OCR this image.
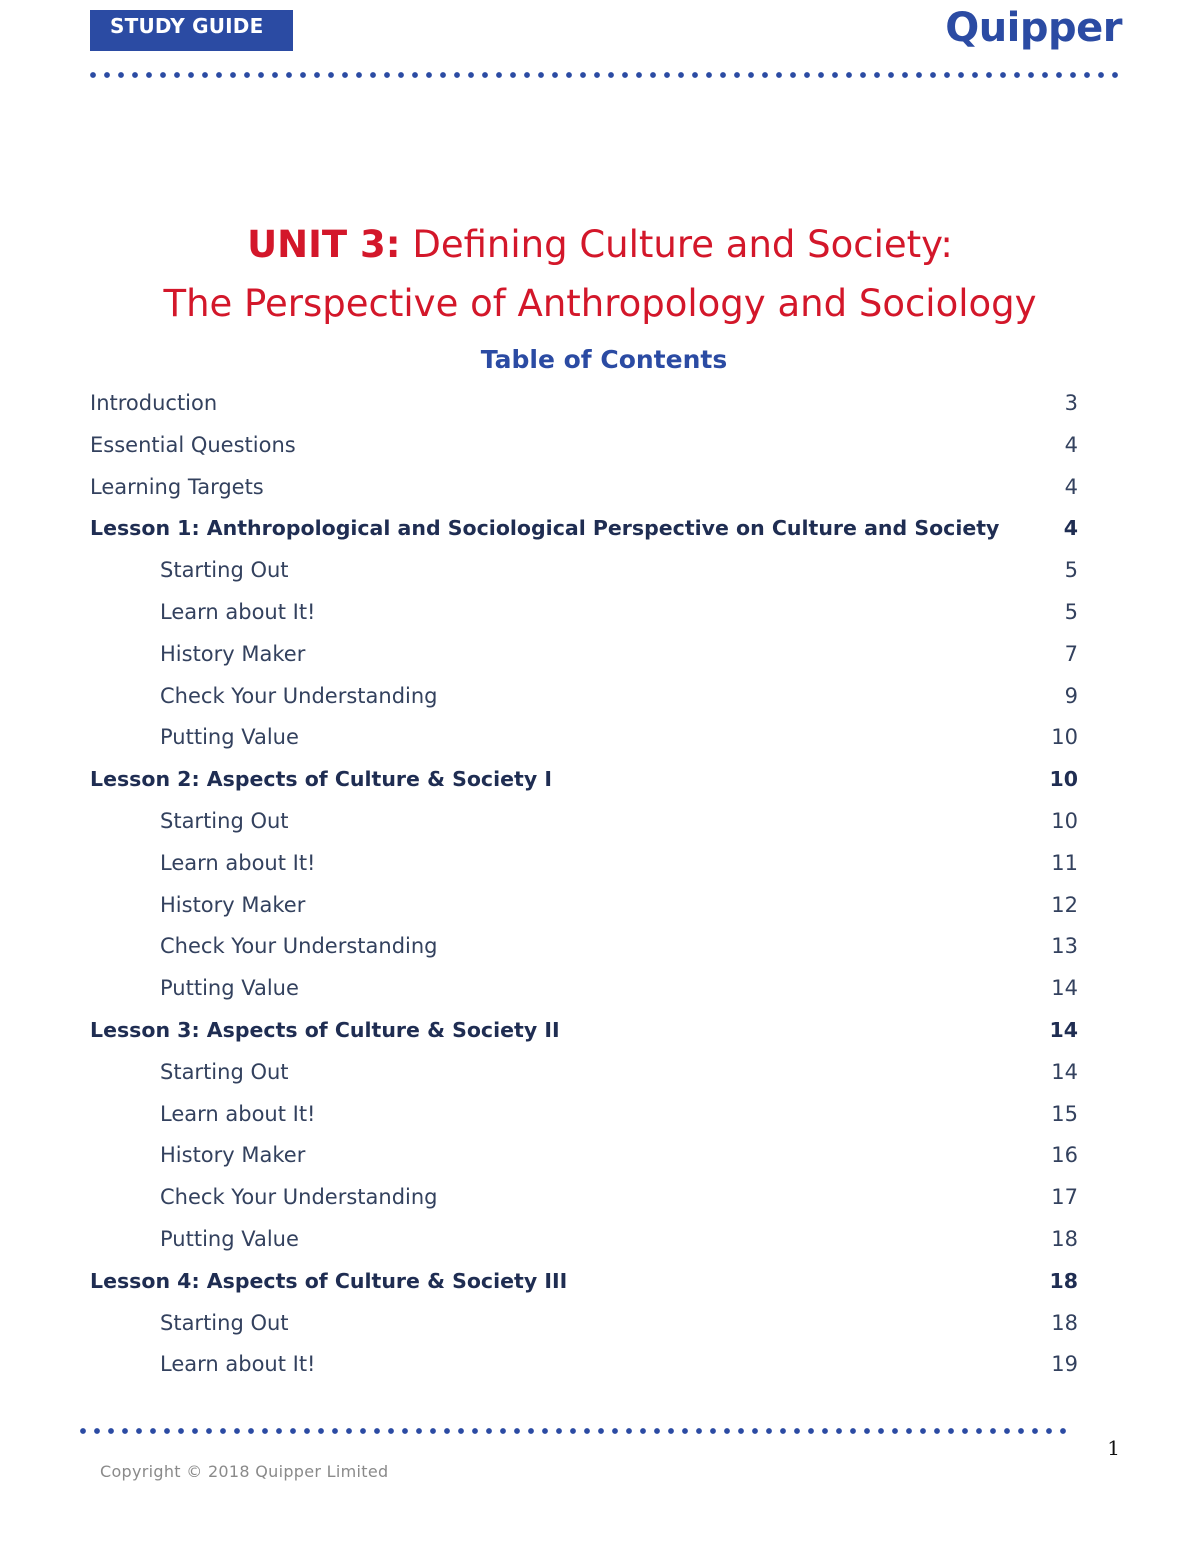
STUDY GUIDE	Quipper
UNIT 3: Defining Culture and Society:
The Perspective of Anthropology and Sociology
Table of Contents
Introduction	3
Essential Questions	4
Learning Targets	4
Lesson 1: Anthropological and Sociological Perspective on Culture and Society	4
Starting Out	5
Learn about It!	5
History Maker	7
Check Your Understanding	9
Putting Value	10
Lesson 2: Aspects of Culture & Society I	10
Starting Out	10
Learn about It!	11
History Maker	12
Check Your Understanding	13
Putting Value	14
Lesson 3: Aspects of Culture & Society II	14
Starting Out	14
Learn about It!	15
History Maker	16
Check Your Understanding	17
Putting Value	18
Lesson 4: Aspects of Culture & Society III	18
Starting Out	18
Learn about It!	19
1
Copyright © 2018 Quipper Limited
